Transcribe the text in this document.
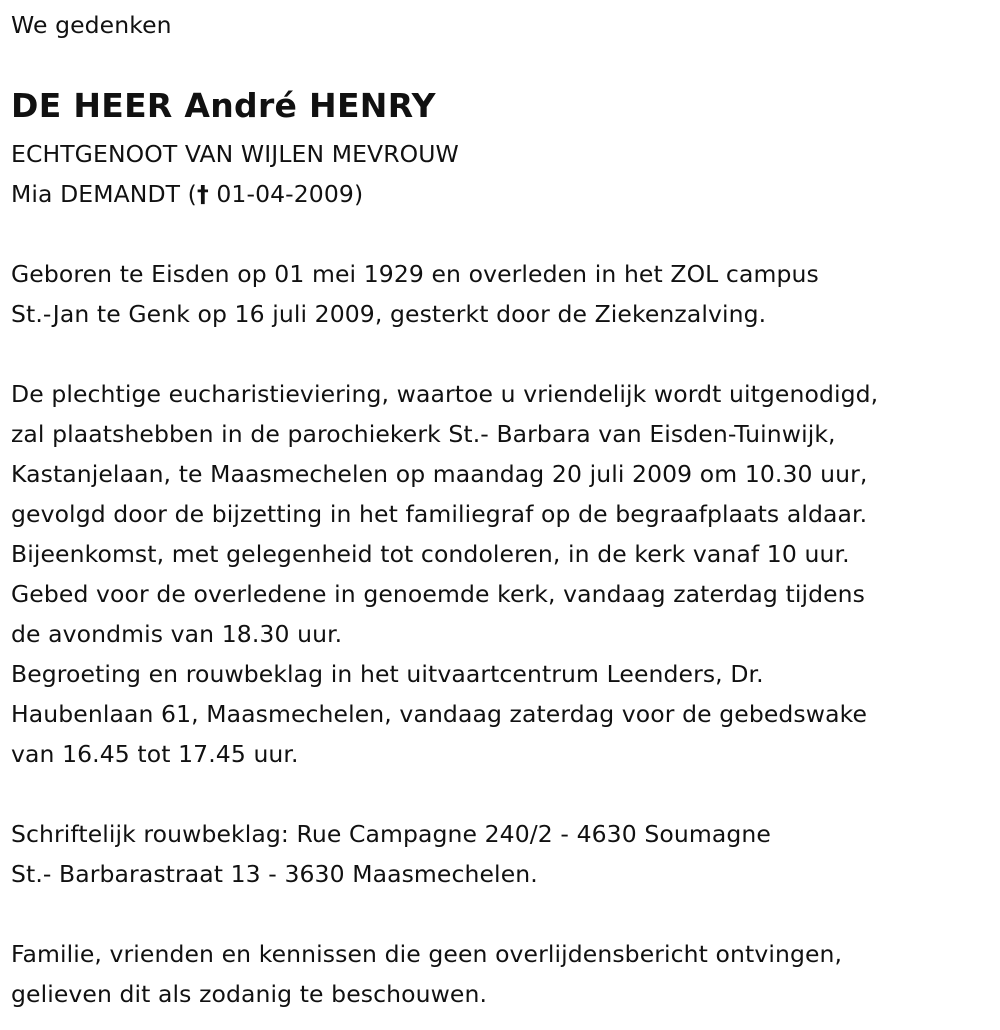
We gedenken
DE HEER André HENRY
ECHTGENOOT VAN WIJLEN MEVROUW
Mia DEMANDT († 01-04-2009)
Geboren te Eisden op 01 mei 1929 en overleden in het ZOL campus
St.-Jan te Genk op 16 juli 2009, gesterkt door de Ziekenzalving.
De plechtige eucharistieviering, waartoe u vriendelijk wordt uitgenodigd,
zal plaatshebben in de parochiekerk St.- Barbara van Eisden-Tuinwijk,
Kastanjelaan, te Maasmechelen op maandag 20 juli 2009 om 10.30 uur,
gevolgd door de bijzetting in het familiegraf op de begraafplaats aldaar.
Bijeenkomst, met gelegenheid tot condoleren, in de kerk vanaf 10 uur.
Gebed voor de overledene in genoemde kerk, vandaag zaterdag tijdens
de avondmis van 18.30 uur.
Begroeting en rouwbeklag in het uitvaartcentrum Leenders, Dr.
Haubenlaan 61, Maasmechelen, vandaag zaterdag voor de gebedswake
van 16.45 tot 17.45 uur.
Schriftelijk rouwbeklag: Rue Campagne 240/2 - 4630 Soumagne
St.- Barbarastraat 13 - 3630 Maasmechelen.
Familie, vrienden en kennissen die geen overlijdensbericht ontvingen,
gelieven dit als zodanig te beschouwen.
